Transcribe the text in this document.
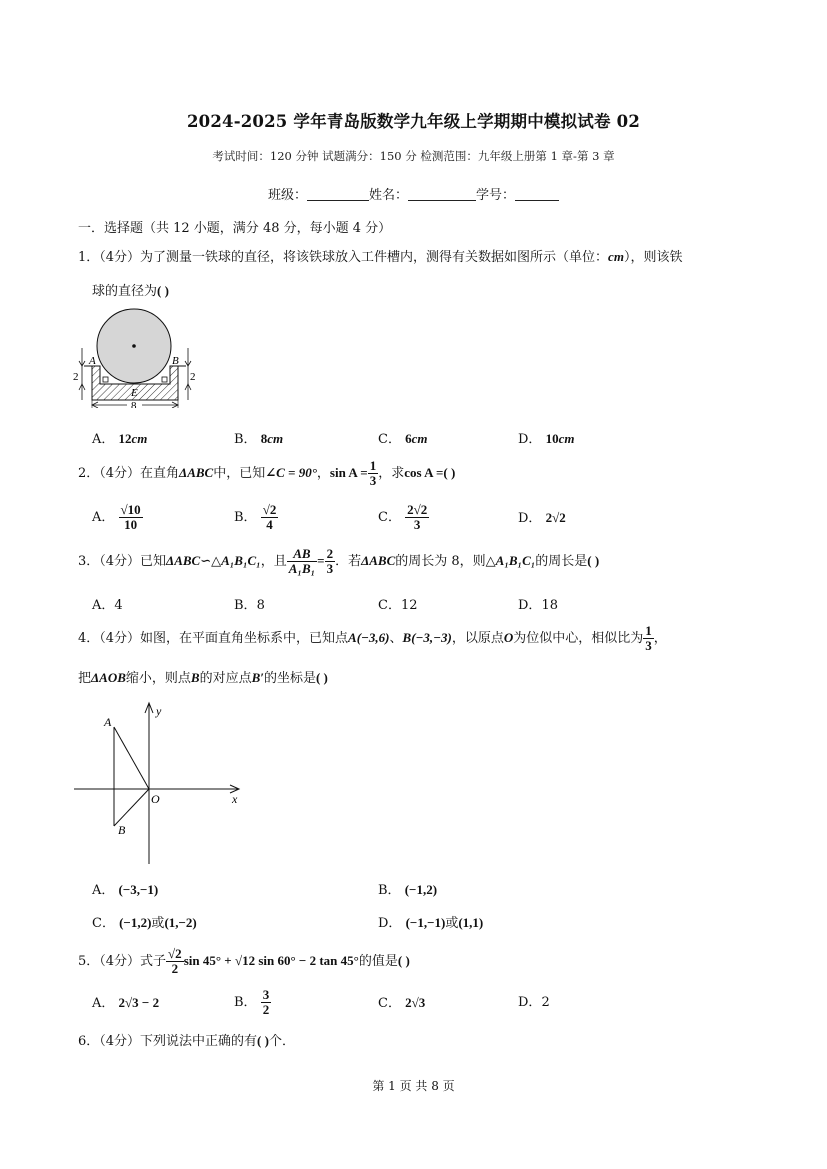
2024-2025 学年青岛版数学九年级上学期期中模拟试卷 02
考试时间：120 分钟 试题满分：150 分 检测范围：九年级上册第 1 章-第 3 章
班级：	姓名：	学号：
一．选择题（共 12 小题，满分 48 分，每小题 4 分）
1．（4分）为了测量一铁球的直径，将该铁球放入工件槽内，测得有关数据如图所示（单位：cm），则该铁
球的直径为( )
A	B
E
2	2
8
A． 12cm	B． 8cm	C． 6cm	D． 10cm
2．（4分）在直角ΔABC中，已知∠C = 90°，$\sin A = \frac{1}{3}$ ，求cos A =( )
A． $\frac{√10}{10}$	B． $\frac{√2}{4}$	C． $\frac{2√2}{3}$	D． 2√2
3．（4分）已知ΔABC∽△A₁B₁C₁，且 $\frac{AB}{\text{A₁B₁}} = \frac{2}{3}$ ．若ΔABC的周长为 8，则△A₁B₁C₁的周长是( )
A．4	B．8	C．12	D．18
4．（4分）如图，在平面直角坐标系中，已知点A(−3,6)、B(−3,−3)，以原点O为位似中心，相似比为 $\frac{1}{3}$ ，
把ΔAOB缩小，则点B的对应点B′的坐标是( )
A
B
O	x
y
A． (−3,−1)	B． (−1,2)
C． (−1,2)或(1,−2)	D． (−1,−1)或(1,1)
5．（4分）式子 $\frac{√2}{2}$ sin 45° + √12 sin 60° − 2 tan 45°的值是( )
A． 2√3 − 2	B． $\frac{3}{2}$	C． 2√3	D．2
6．（4分）下列说法中正确的有( )个．
第 1 页 共 8 页
